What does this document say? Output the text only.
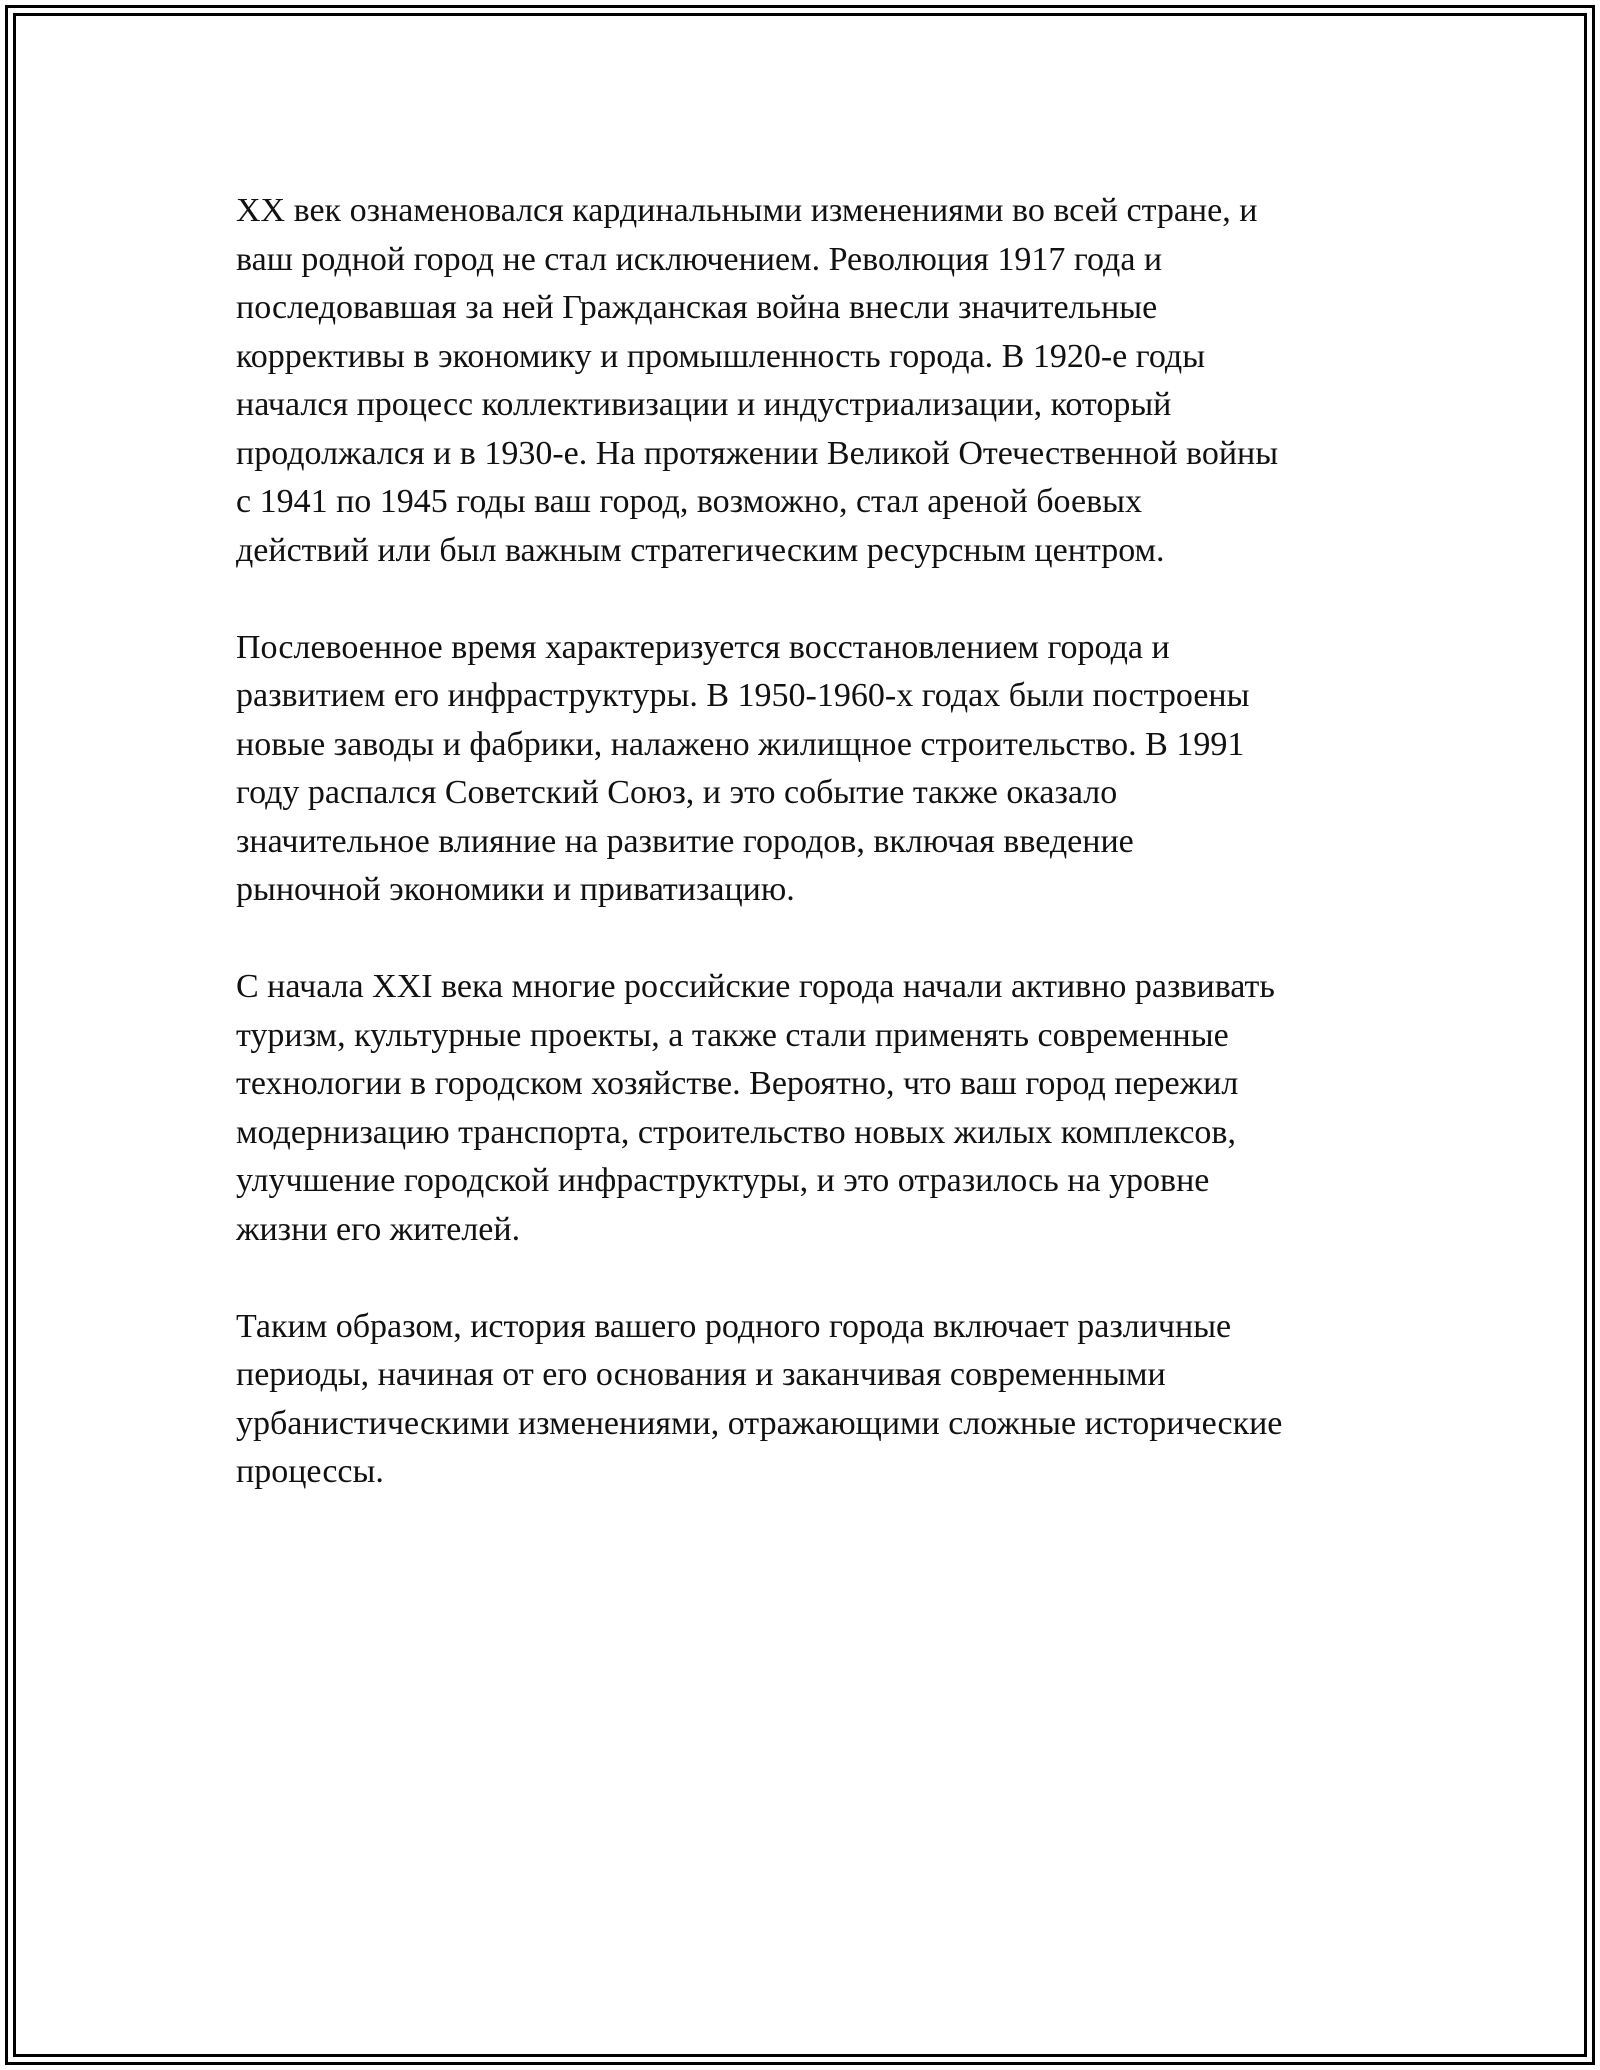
XX век ознаменовался кардинальными изменениями во всей стране, и
ваш родной город не стал исключением. Революция 1917 года и
последовавшая за ней Гражданская война внесли значительные
коррективы в экономику и промышленность города. В 1920-е годы
начался процесс коллективизации и индустриализации, который
продолжался и в 1930-е. На протяжении Великой Отечественной войны
с 1941 по 1945 годы ваш город, возможно, стал ареной боевых
действий или был важным стратегическим ресурсным центром.

Послевоенное время характеризуется восстановлением города и
развитием его инфраструктуры. В 1950-1960-х годах были построены
новые заводы и фабрики, налажено жилищное строительство. В 1991
году распался Советский Союз, и это событие также оказало
значительное влияние на развитие городов, включая введение
рыночной экономики и приватизацию.

С начала XXI века многие российские города начали активно развивать
туризм, культурные проекты, а также стали применять современные
технологии в городском хозяйстве. Вероятно, что ваш город пережил
модернизацию транспорта, строительство новых жилых комплексов,
улучшение городской инфраструктуры, и это отразилось на уровне
жизни его жителей.

Таким образом, история вашего родного города включает различные
периоды, начиная от его основания и заканчивая современными
урбанистическими изменениями, отражающими сложные исторические
процессы.
